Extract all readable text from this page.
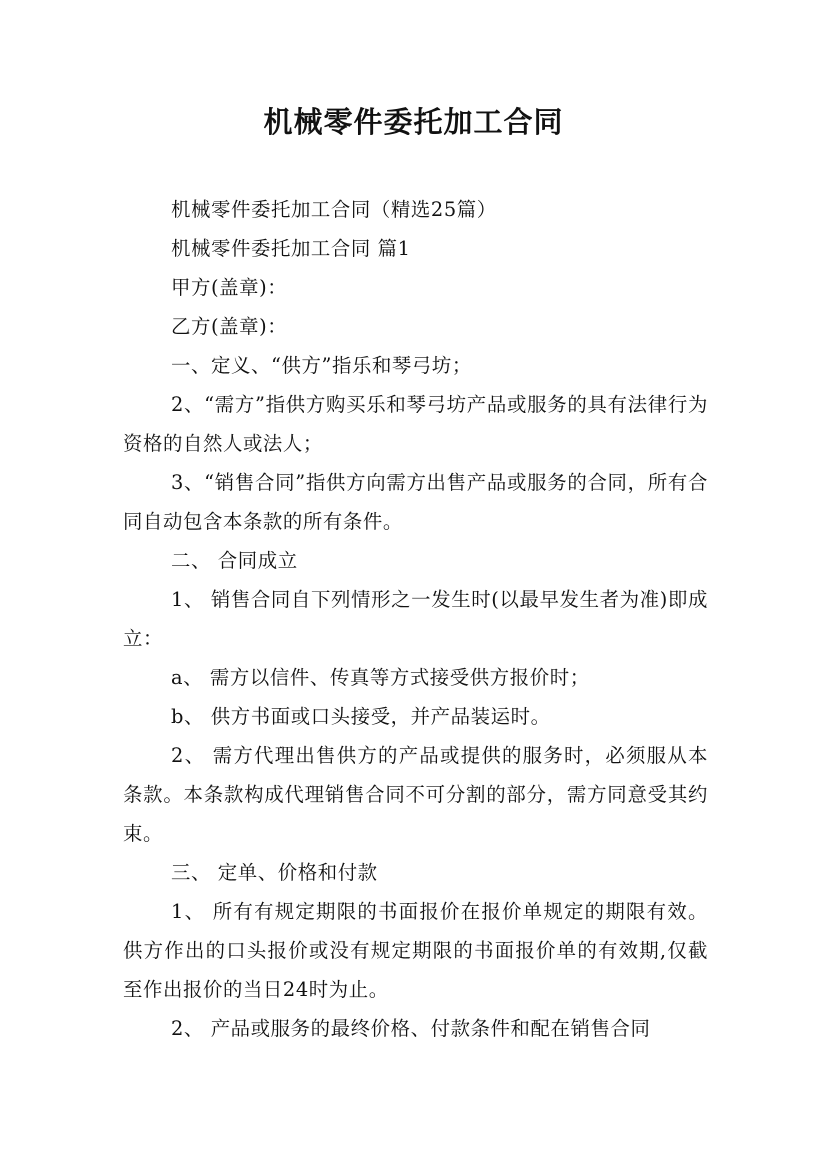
机械零件委托加工合同

机械零件委托加工合同（精选25篇）

机械零件委托加工合同 篇1

甲方(盖章)：

乙方(盖章)：

一、定义、“供方”指乐和琴弓坊；

2、“需方”指供方购买乐和琴弓坊产品或服务的具有法律行为资格的自然人或法人；

3、“销售合同”指供方向需方出售产品或服务的合同，所有合同自动包含本条款的所有条件。

二、 合同成立

1、 销售合同自下列情形之一发生时(以最早发生者为准)即成立：

a、 需方以信件、传真等方式接受供方报价时；

b、 供方书面或口头接受，并产品装运时。

2、 需方代理出售供方的产品或提供的服务时，必须服从本条款。本条款构成代理销售合同不可分割的部分，需方同意受其约束。

三、 定单、价格和付款

1、 所有有规定期限的书面报价在报价单规定的期限有效。供方作出的口头报价或没有规定期限的书面报价单的有效期,仅截至作出报价的当日24时为止。

2、 产品或服务的最终价格、付款条件和配在销售合同
